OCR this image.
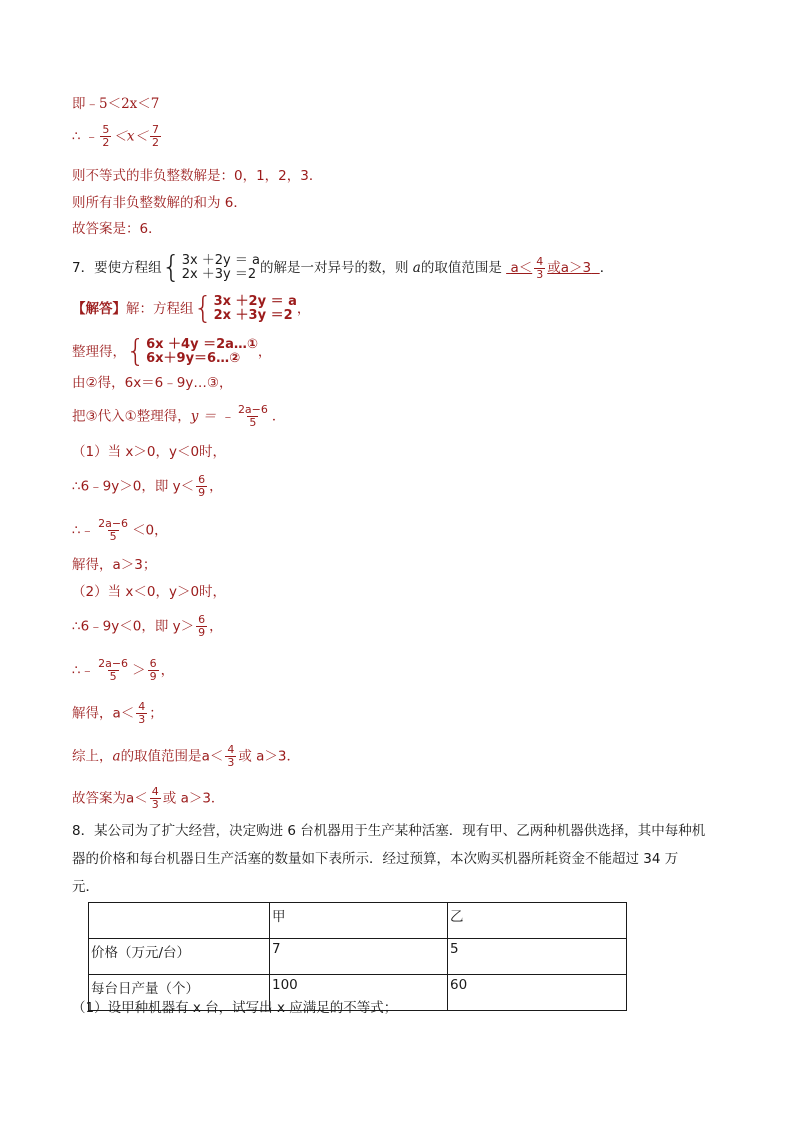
即﹣5＜2x＜7
∴ ﹣ $\frac{5}{2} <x< \frac{7}{2}$
则不等式的非负整数解是：0，1，2，3．
则所有非负整数解的和为 6．
故答案是：6．
7．要使方程组 { 3x ＋2y ＝ a
2x ＋3y ＝2 的解是一对异号的数，则 a的取值范围是 $a< \frac{4}{3}$ 或a＞3 ．
【解答】解：方程组 { 3x ＋2y ＝ a
2x ＋3y ＝2 ，
整理得， { 6x ＋4y ＝2a…①
6x＋9y＝6…②	，
由②得，6x＝6﹣9y…③，
把③代入①整理得，y ＝ ﹣ $\frac{2a-6}{5}$ ．
（1）当 x＞0，y＜0时，
∴6﹣9y＞0，即 $y< \frac{6}{9}$ ，
∴﹣ $\frac{2a-6}{5} <0$，
解得，a＞3；
（2）当 x＜0，y＞0时，
∴6﹣9y＜0，即 $y> \frac{6}{9}$ ，
∴﹣ $\frac{2a-6}{5} > \frac{6}{9}$ ，
解得，$a< \frac{4}{3}$ ；
综上，a的取值范围是$a< \frac{4}{3}$ 或 a＞3．
故答案为$a< \frac{4}{3}$ 或 a＞3．
8．某公司为了扩大经营，决定购进 6 台机器用于生产某种活塞．现有甲、乙两种机器供选择，其中每种机
器的价格和每台机器日生产活塞的数量如下表所示．经过预算，本次购买机器所耗资金不能超过 34 万
元．
	甲	乙
价格（万元/台）	7	5
每台日产量（个）	100	60
（1）设甲种机器有 x 台，试写出 x 应满足的不等式；
